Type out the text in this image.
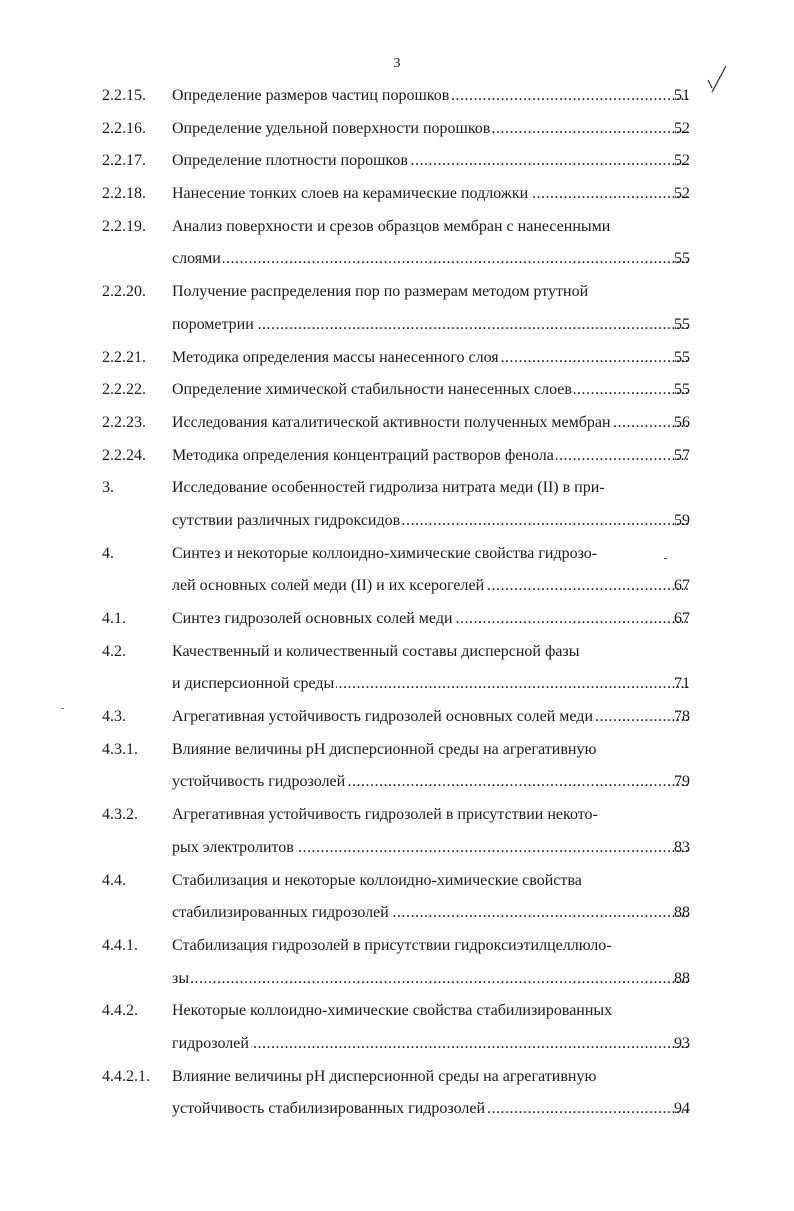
3
2.2.15. Определение размеров частиц порошков .....	51
2.2.16. Определение удельной поверхности порошков .....	52
2.2.17. Определение плотности порошков .....	52
2.2.18. Нанесение тонких слоев на керамические подложки .....	52
2.2.19. Анализ поверхности и срезов образцов мембран с нанесенными
слоями .....	55
2.2.20. Получение распределения пор по размерам методом ртутной
порометрии .....	55
2.2.21. Методика определения массы нанесенного слоя .....	55
2.2.22. Определение химической стабильности нанесенных слоев .....	55
2.2.23. Исследования каталитической активности полученных мембран .....	56
2.2.24. Методика определения концентраций растворов фенола .....	57
3.	Исследование особенностей гидролиза нитрата меди (II) в при-
сутствии различных гидроксидов .....	59
4.	Синтез и некоторые коллоидно-химические свойства гидрозо-
лей основных солей меди (II) и их ксерогелей .....	67
4.1.	Синтез гидрозолей основных солей меди .....	67
4.2.	Качественный и количественный составы дисперсной фазы
и дисперсионной среды .....	71
4.3.	Агрегативная устойчивость гидрозолей основных солей меди .....	78
4.3.1. Влияние величины pH дисперсионной среды на агрегативную
устойчивость гидрозолей .....	79
4.3.2. Агрегативная устойчивость гидрозолей в присутствии некото-
рых электролитов .....	83
4.4.	Стабилизация и некоторые коллоидно-химические свойства
стабилизированных гидрозолей .....	88
4.4.1. Стабилизация гидрозолей в присутствии гидроксиэтилцеллюло-
зы .....	88
4.4.2. Некоторые коллоидно-химические свойства стабилизированных
гидрозолей .....	93
4.4.2.1. Влияние величины pH дисперсионной среды на агрегативную
устойчивость стабилизированных гидрозолей .....	94
